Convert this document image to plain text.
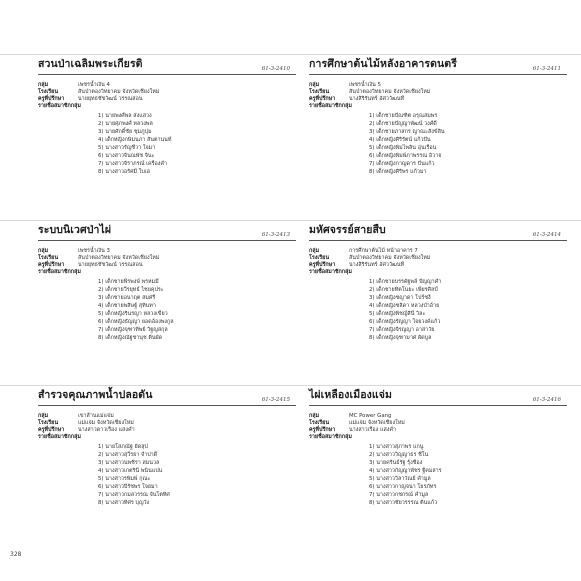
สวนป่าเฉลิมพระเกียรติ	61-3-2410
กลุ่ม	เพชรน้ำเงิน 4
โรงเรียน	สันป่าตองวิทยาคม จังหวัดเชียงใหม่
ครูที่ปรึกษา	นายยุทธชัชวัฒน์ วรรณสอน
รายชื่อสมาชิกกลุ่ม
1) นายพงศ์พล ส่งแสวง
2) นายศุภพงศ์ หลวงพล
3) นายศักดิ์ชัย ชุมภูบุ่ม
4) เด็กหญิงกษิมนภา สันตานนท์
5) นางสาวรัญชีวา ใจมา
6) นางสาวจินณพัช จินะ
7) นางสาวจิราภรณ์ เครืองคำ
8) นางสาวอรัศมี ใบเฮ
การศึกษาต้นไม้หลังอาคารดนตรี	61-3-2411
กลุ่ม	เพชรน้ำเงิน 5
โรงเรียน	สันป่าตองวิทยาคม จังหวัดเชียงใหม่
ครูที่ปรึกษา	นางสิริรันทร์ อัศววัฒนที
รายชื่อสมาชิกกลุ่ม
1) เด็กชายปัณฑิต อรุณสมพร
2) เด็กชายปัญญาพัฒน์ วงศ์ดี
3) เด็กชายภาสกร ญาณะสังข์สิน
4) เด็กหญิงศิริรัตน์ แก้วปัน
5) เด็กหญิงพิมไพลิน อุ่นเรือน
6) เด็กหญิงพิมพ์ภาพรรณ อิวาจ
7) เด็กหญิงกาญดาร ปันแก้ว
8) เด็กหญิงศิริพร แก้วมา
ระบบนิเวศป่าไผ่	61-3-2413
กลุ่ม	เพชรน้ำเงิน 3
โรงเรียน	สันป่าตองวิทยาคม จังหวัดเชียงใหม่
ครูที่ปรึกษา	นายยุทธชัชวัฒน์ วรรณสอน
รายชื่อสมาชิกกลุ่ม
1) เด็กชายพีรพงษ์ พรหมมี
2) เด็กชายวีรยุทธ์ ไชยคุประ
3) เด็กชายอนาฤต สมศรี
4) เด็กชายพสิษฐ์ สุทินทา
5) เด็กหญิงรินรญา หลวงเขียว
6) เด็กหญิงธัญญา ยอดอ้องพงกูล
7) เด็กหญิงจุฑาทิพย์ วิฐญสกุล
8) เด็กหญิงณัฐชานุช ติ่นผัด
มหัศจรรย์สายสืบ	61-3-2414
กลุ่ม	การศึกษาต้นไม้ หน้าอาคาร 7
โรงเรียน	สันป่าตองวิทยาคม จังหวัดเชียงใหม่
ครูที่ปรึกษา	นางสิริรันทร์ อัศววัฒนที
รายชื่อสมาชิกกลุ่ม
1) เด็กชายบรรดัฐพล์ ปัญญาคำ
2) เด็กชายทิตโนยะ เพียรศิลป์
3) เด็กหญิงชญาดา โปร์ชงี
4) เด็กหญิงชลิดา หลวงบำอ้าย
5) เด็กหญิงพิชญ์สินี วิละ
6) เด็กหญิงรัญญา ใจยวงค์แก้ว
7) เด็กหญิงจิรญญา อาสาวัย
8) เด็กหญิงจุฑามาศ ผัดบูล
สำรวจคุณภาพน้ำปลอดัน	61-3-2415
กลุ่ม	เขาส้านแม่แจ่ม
โรงเรียน	แม่แจ่ม จังหวัดเชียงใหม่
ครูที่ปรึกษา	นางสาวดาวเรือง แสงคำ
รายชื่อสมาชิกกลุ่ม
1) นายโสภณัฐ ยัดสุป
2) นางสาวสุวีรยา จำปาดี
3) นางสาวนพชิรา สมนวล
4) นางสาวเกตรินี พนินแปน
5) นางสาวรพิมพ์ กุณะ
6) นางสาวปิรัชพร ใจยมา
7) นางสาวกมลวรรณ จันโตทิศ
8) นางสาวทิศร บุญวัง
ไผ่เหลืองเมืองแจ่ม	61-3-2416
กลุ่ม	MC Power Gang
โรงเรียน	แม่แจ่ม จังหวัดเชียงใหม่
ครูที่ปรึกษา	นางสาวเรือง แสงคำ
รายชื่อสมาชิกกลุ่ม
1) นางสาวสุภาพร แกนู
2) นางสาววิญญาธร ชีโน
3) นายครินธ์รัฐ รุ้งชีอง
4) นางสาวกัญญาพัชร ฐีคมสาร
5) นางสาววิลาวัณย์ คำมูล
6) นางสาวกาญจนา โยรภัทร
7) นางสาวกชกรณ์ คำมูล
8) นางสาวชัยวรรรณ ติ่นแก้ว
328
